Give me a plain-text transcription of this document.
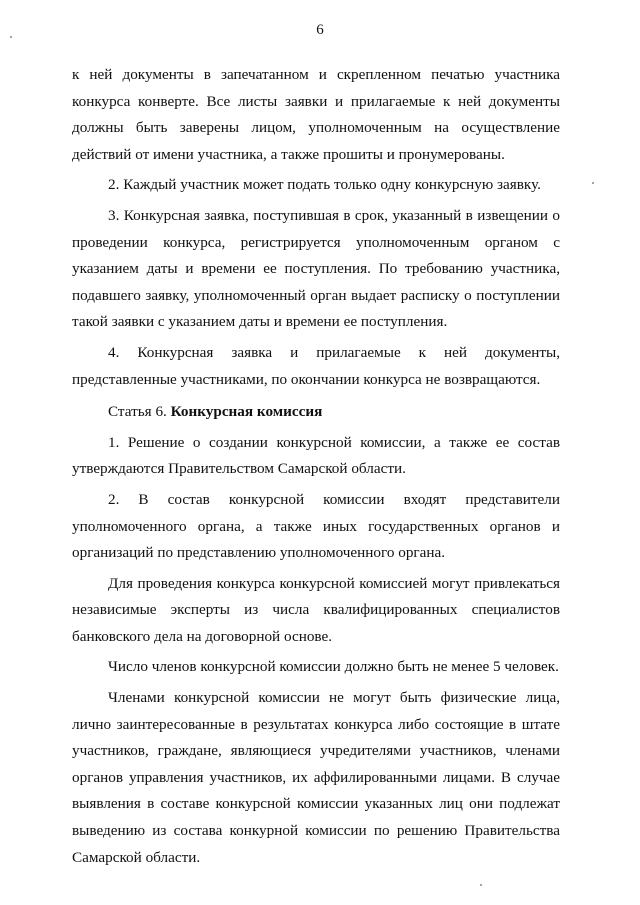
6

к ней документы в запечатанном и скрепленном печатью участника конкурса конверте. Все листы заявки и прилагаемые к ней документы должны быть заверены лицом, уполномоченным на осуществление действий от имени участника, а также прошиты и пронумерованы.

2. Каждый участник может подать только одну конкурсную заявку.

3. Конкурсная заявка, поступившая в срок, указанный в извещении о проведении конкурса, регистрируется уполномоченным органом с указанием даты и времени ее поступления. По требованию участника, подавшего заявку, уполномоченный орган выдает расписку о поступлении такой заявки с указанием даты и времени ее поступления.

4. Конкурсная заявка и прилагаемые к ней документы, представленные участниками, по окончании конкурса не возвращаются.

Статья 6. Конкурсная комиссия

1. Решение о создании конкурсной комиссии, а также ее состав утверждаются Правительством Самарской области.

2. В состав конкурсной комиссии входят представители уполномоченного органа, а также иных государственных органов и организаций по представлению уполномоченного органа.

Для проведения конкурса конкурсной комиссией могут привлекаться независимые эксперты из числа квалифицированных специалистов банковского дела на договорной основе.

Число членов конкурсной комиссии должно быть не менее 5 человек.

Членами конкурсной комиссии не могут быть физические лица, лично заинтересованные в результатах конкурса либо состоящие в штате участников, граждане, являющиеся учредителями участников, членами органов управления участников, их аффилированными лицами. В случае выявления в составе конкурсной комиссии указанных лиц они подлежат выведению из состава конкурной комиссии по решению Правительства Самарской области.
